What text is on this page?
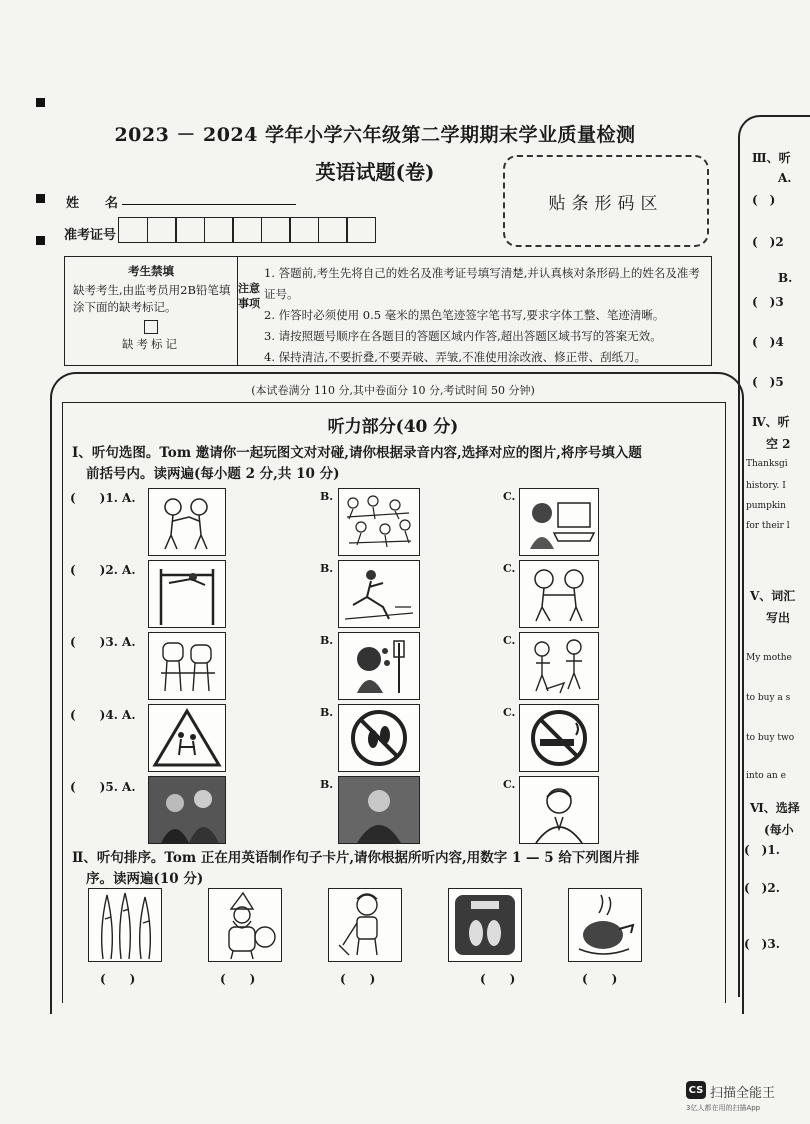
2023 － 2024 学年小学六年级第二学期期末学业质量检测
英语试题(卷)
贴条形码区
姓　　名
准考证号
考生禁填
缺考考生,由监考员用2B铅笔填涂下面的缺考标记。
缺考标记
注意事项
1. 答题前,考生先将自己的姓名及准考证号填写清楚,并认真核对条形码上的姓名及准考证号。
2. 作答时必须使用 0.5 毫米的黑色笔迹签字笔书写,要求字体工整、笔迹清晰。
3. 请按照题号顺序在各题目的答题区域内作答,超出答题区域书写的答案无效。
4. 保持清洁,不要折叠,不要弄破、弄皱,不准使用涂改液、修正带、刮纸刀。
(本试卷满分 110 分,其中卷面分 10 分,考试时间 50 分钟)
听力部分(40 分)
Ⅰ、听句选图。Tom 邀请你一起玩图文对对碰,请你根据录音内容,选择对应的图片,将序号填入题
前括号内。读两遍(每小题 2 分,共 10 分)
(　　)1. A.	B.	C.
(　　)2. A.	B.	C.
(　　)3. A.	B.	C.
(　　)4. A.	B.	C.
(　　)5. A.	B.	C.
Ⅱ、听句排序。Tom 正在用英语制作句子卡片,请你根据所听内容,用数字 1 — 5 给下列图片排
序。读两遍(10 分)
(　　)	(　　)	(　　)	(　　)	(　　)
Ⅲ、听
A.
(　)
(　)2
B.
(　)3
(　)4
(　)5
Ⅳ、听
空 2
Thanksgi
history. I
pumpkin
for their l
Ⅴ、词汇
写出
My mothe
to buy a s
to buy two
into an e
Ⅵ、选择
(每小
(　)1.
(　)2.
(　)3.
CS 扫描全能王
3亿人都在用的扫描App
